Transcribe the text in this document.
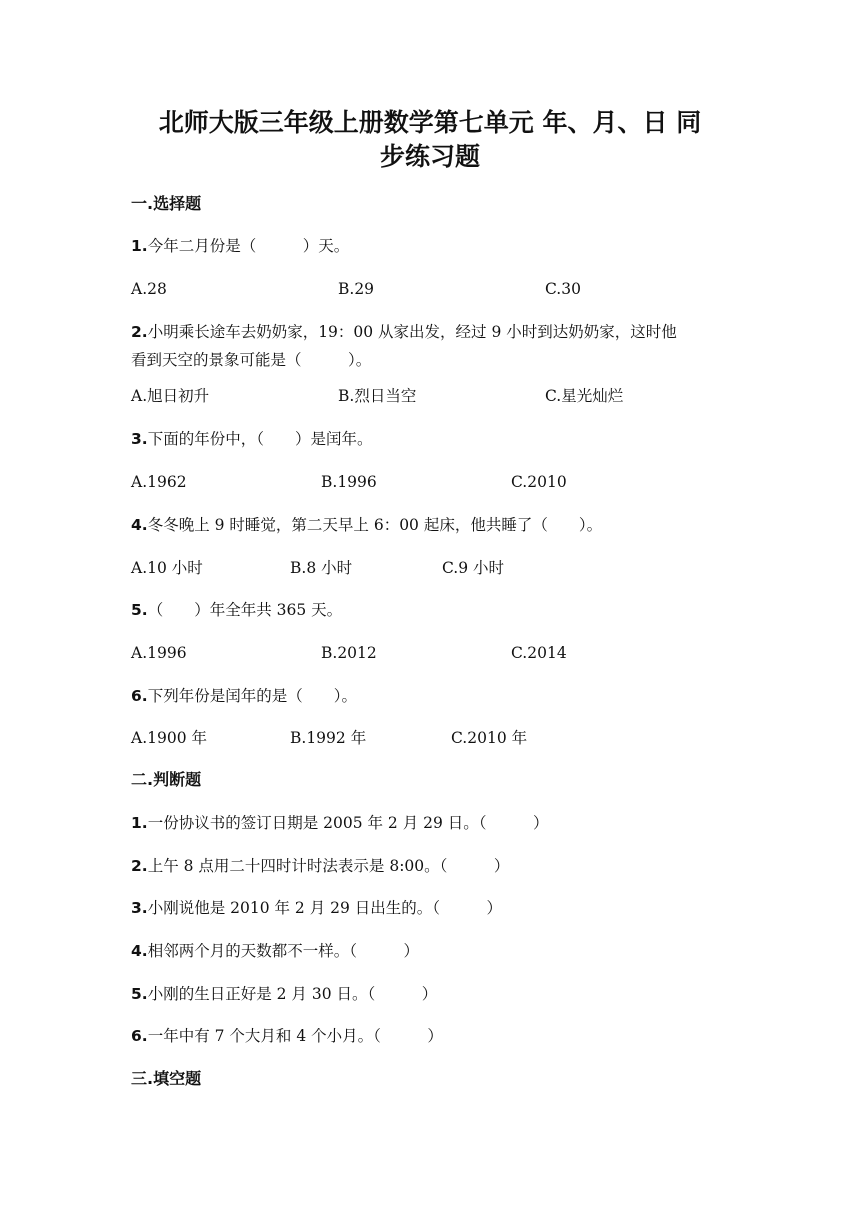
北师大版三年级上册数学第七单元 年、月、日 同
步练习题
一.选择题
1.今年二月份是（　　　）天。
A.28	B.29	C.30
2.小明乘长途车去奶奶家，19：00 从家出发，经过 9 小时到达奶奶家，这时他
看到天空的景象可能是（　　　）。
A.旭日初升	B.烈日当空	C.星光灿烂
3.下面的年份中，（　　）是闰年。
A.1962	B.1996	C.2010
4.冬冬晚上 9 时睡觉，第二天早上 6：00 起床，他共睡了（　　）。
A.10 小时	B.8 小时	C.9 小时
5.（　　）年全年共 365 天。
A.1996	B.2012	C.2014
6.下列年份是闰年的是（　　）。
A.1900 年	B.1992 年	C.2010 年
二.判断题
1.一份协议书的签订日期是 2005 年 2 月 29 日。（　　　）
2.上午 8 点用二十四时计时法表示是 8:00。（　　　）
3.小刚说他是 2010 年 2 月 29 日出生的。（　　　）
4.相邻两个月的天数都不一样。（　　　）
5.小刚的生日正好是 2 月 30 日。（　　　）
6.一年中有 7 个大月和 4 个小月。（　　　）
三.填空题
